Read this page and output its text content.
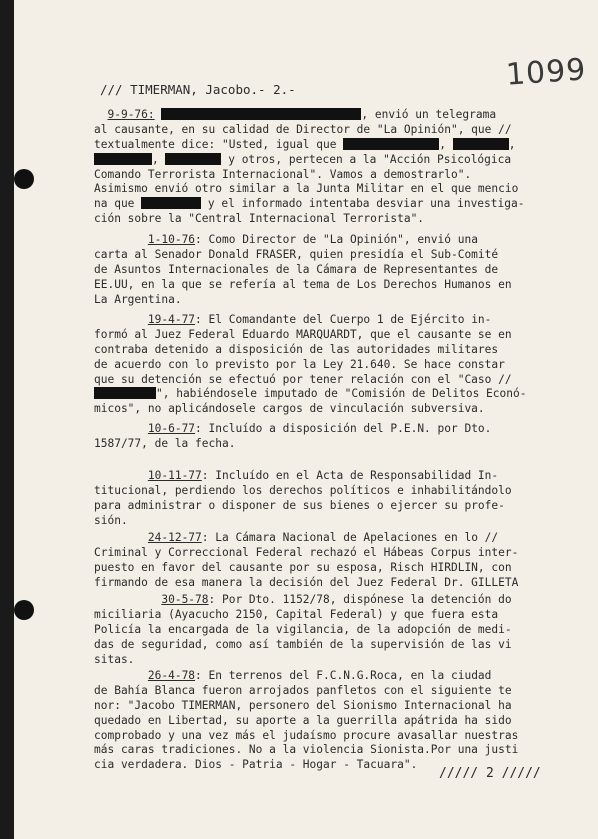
1099
/// TIMERMAN, Jacobo.- 2.-
9-9-76:	, envió un telegrama
al causante, en su calidad de Director de "La Opinión", que //
textualmente dice: "Usted, igual que	,	,
,	y otros, pertecen a la "Acción Psicológica
Comando Terrorista Internacional". Vamos a demostrarlo".
Asimismo envió otro similar a la Junta Militar en el que mencio
na que	y el informado intentaba desviar una investiga-
ción sobre la "Central Internacional Terrorista".
1-10-76: Como Director de "La Opinión", envió una
carta al Senador Donald FRASER, quien presidía el Sub-Comité
de Asuntos Internacionales de la Cámara de Representantes de
EE.UU, en la que se refería al tema de Los Derechos Humanos en
La Argentina.
19-4-77: El Comandante del Cuerpo 1 de Ejército in-
formó al Juez Federal Eduardo MARQUARDT, que el causante se en
contraba detenido a disposición de las autoridades militares
de acuerdo con lo previsto por la Ley 21.640. Se hace constar
que su detención se efectuó por tener relación con el "Caso //
", habiéndosele imputado de "Comisión de Delitos Econó-
micos", no aplicándosele cargos de vinculación subversiva.
10-6-77: Incluído a disposición del P.E.N. por Dto.
1587/77, de la fecha.
10-11-77: Incluído en el Acta de Responsabilidad In-
titucional, perdiendo los derechos políticos e inhabilitándolo
para administrar o disponer de sus bienes o ejercer su profe-
sión.
24-12-77: La Cámara Nacional de Apelaciones en lo //
Criminal y Correccional Federal rechazó el Hábeas Corpus inter-
puesto en favor del causante por su esposa, Risch HIRDLIN, con
firmando de esa manera la decisión del Juez Federal Dr. GILLETA
30-5-78: Por Dto. 1152/78, dispónese la detención do
miciliaria (Ayacucho 2150, Capital Federal) y que fuera esta
Policía la encargada de la vigilancia, de la adopción de medi-
das de seguridad, como así también de la supervisión de las vi
sitas.
26-4-78: En terrenos del F.C.N.G.Roca, en la ciudad
de Bahía Blanca fueron arrojados panfletos con el siguiente te
nor: "Jacobo TIMERMAN, personero del Sionismo Internacional ha
quedado en Libertad, su aporte a la guerrilla apátrida ha sido
comprobado y una vez más el judaísmo procure avasallar nuestras
más caras tradiciones. No a la violencia Sionista.Por una justi
cia verdadera. Dios - Patria - Hogar - Tacuara".
///// 2 /////
